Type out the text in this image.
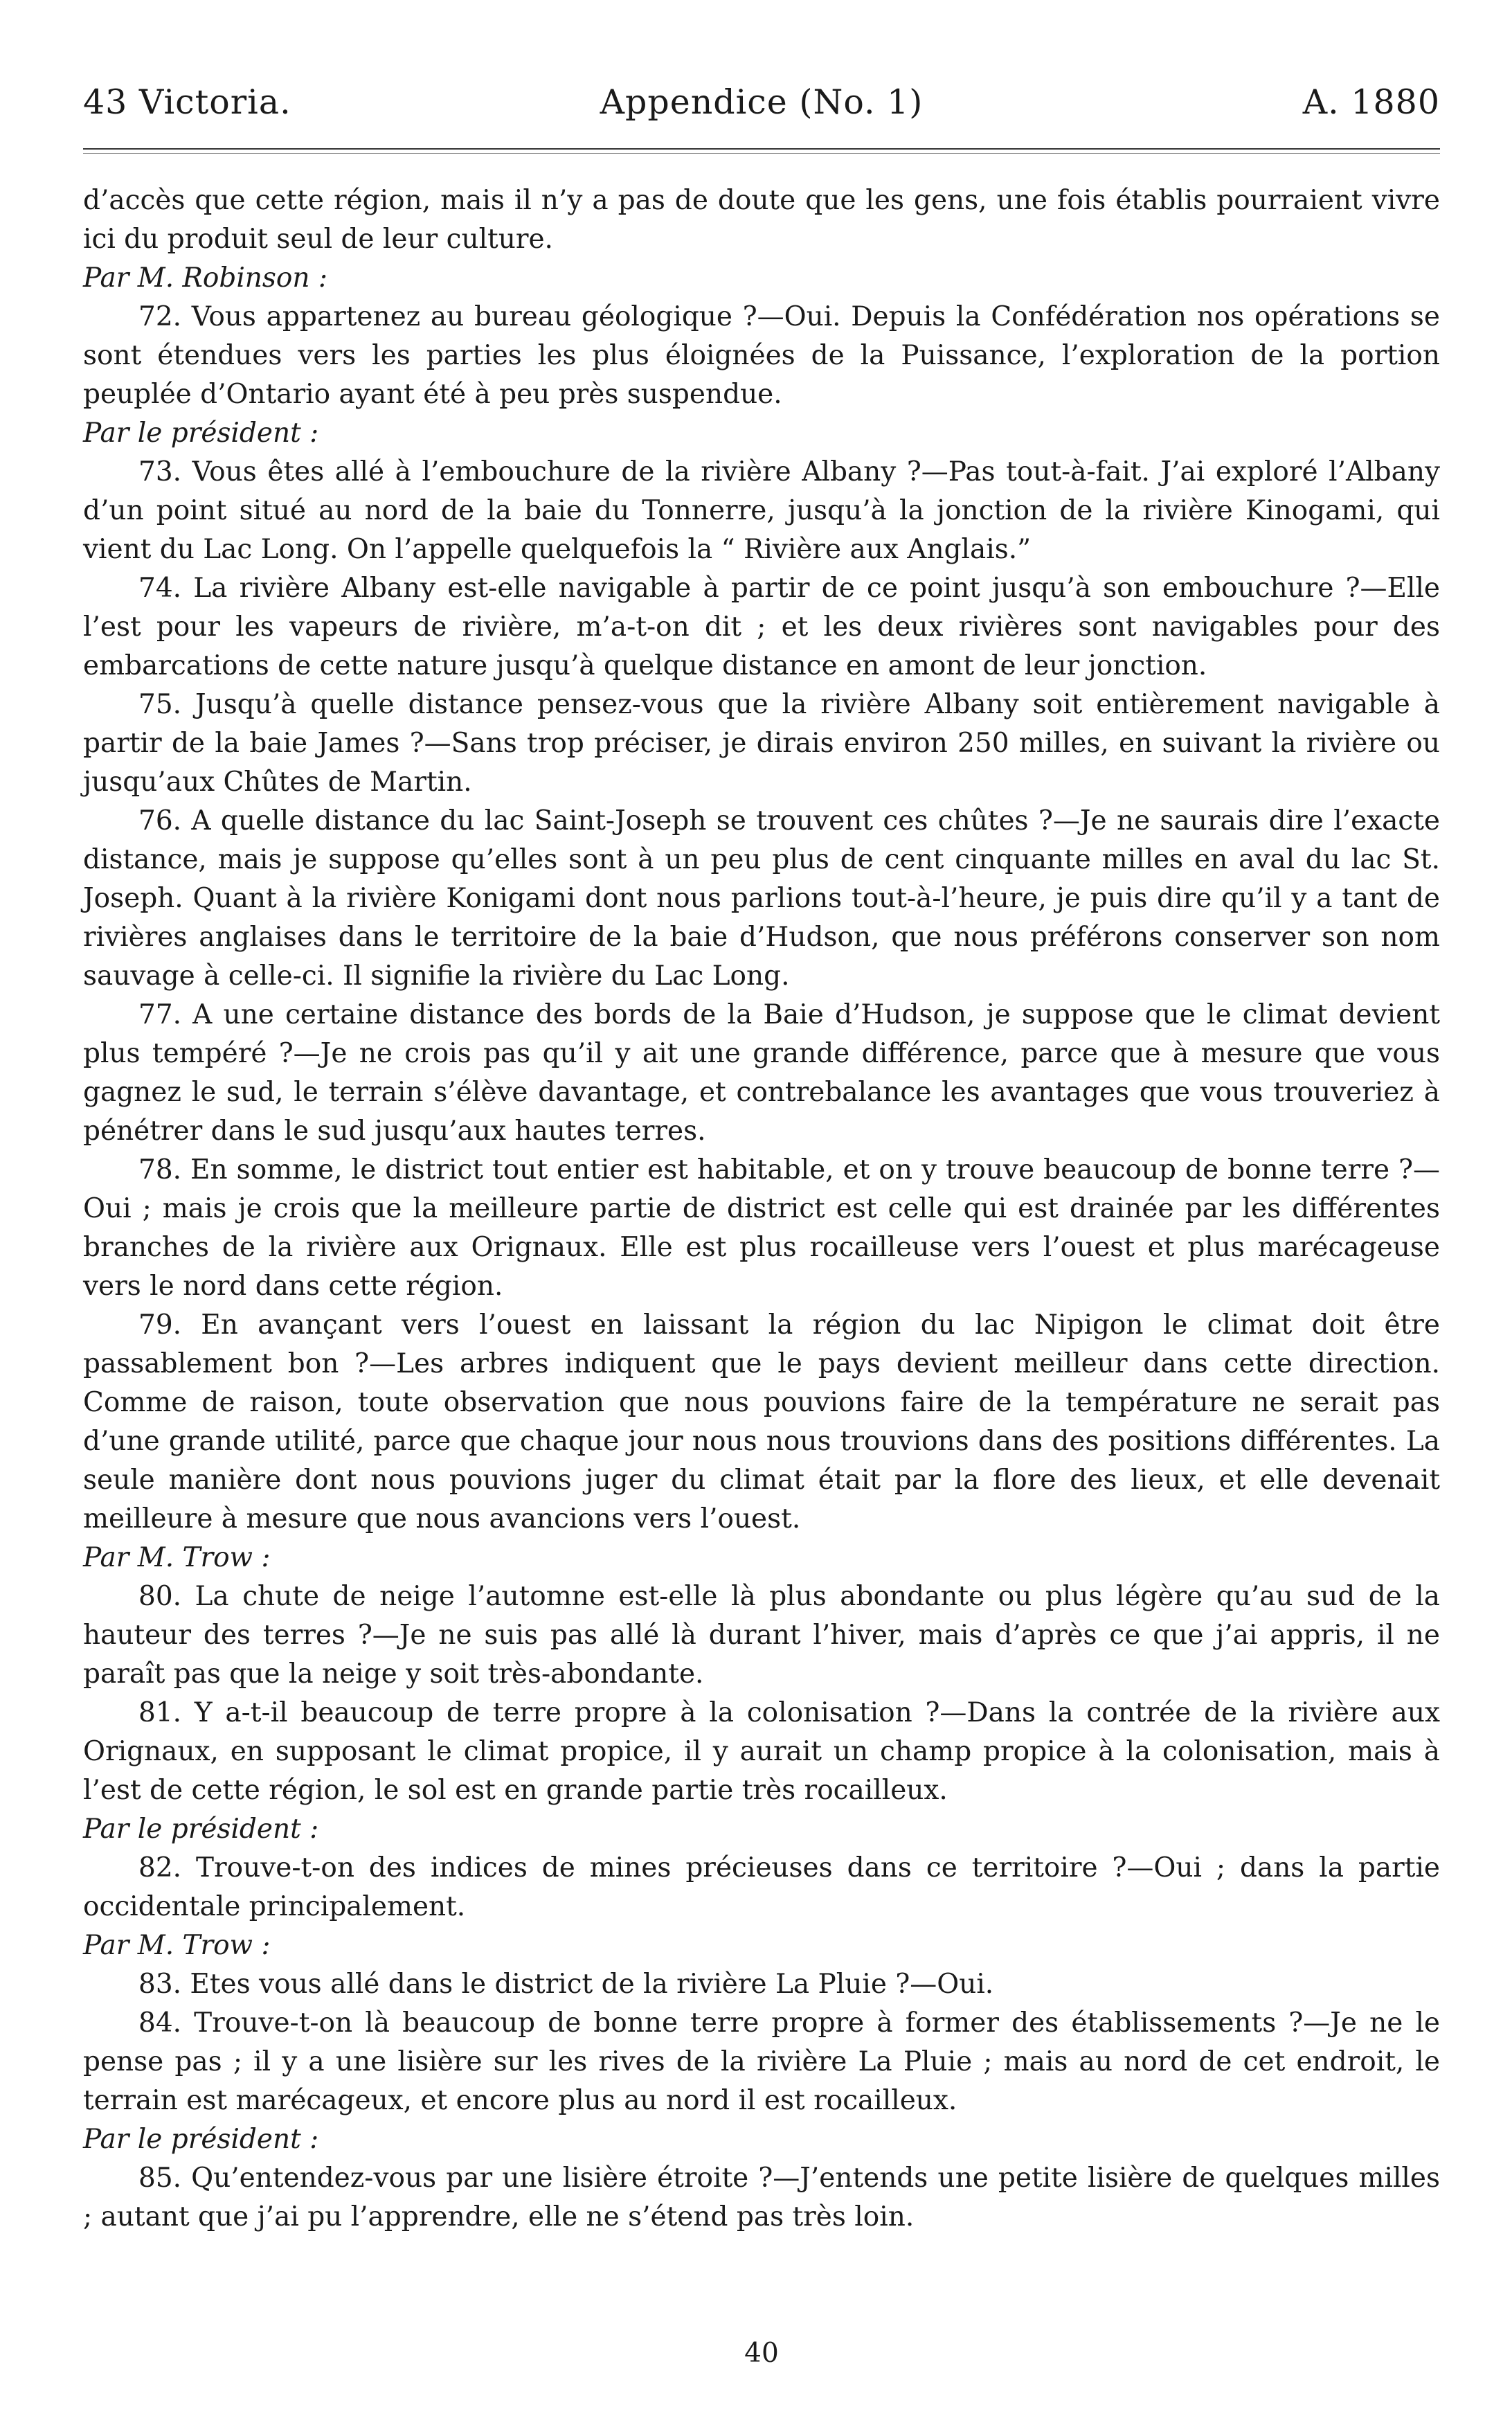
Appendice (No. 1)
43 Victoria.	A. 1880

d’accès que cette région, mais il n’y a pas de doute que les gens, une fois établis pourraient vivre ici du produit seul de leur culture.

Par M. Robinson :

72. Vous appartenez au bureau géologique ?—Oui. Depuis la Confédération nos opérations se sont étendues vers les parties les plus éloignées de la Puissance, l’exploration de la portion peuplée d’Ontario ayant été à peu près suspendue.

Par le président :

73. Vous êtes allé à l’embouchure de la rivière Albany ?—Pas tout-à-fait. J’ai exploré l’Albany d’un point situé au nord de la baie du Tonnerre, jusqu’à la jonction de la rivière Kinogami, qui vient du Lac Long. On l’appelle quelquefois la “ Rivière aux Anglais.”

74. La rivière Albany est-elle navigable à partir de ce point jusqu’à son embouchure ?—Elle l’est pour les vapeurs de rivière, m’a-t-on dit ; et les deux rivières sont navigables pour des embarcations de cette nature jusqu’à quelque distance en amont de leur jonction.

75. Jusqu’à quelle distance pensez-vous que la rivière Albany soit entièrement navigable à partir de la baie James ?—Sans trop préciser, je dirais environ 250 milles, en suivant la rivière ou jusqu’aux Chûtes de Martin.

76. A quelle distance du lac Saint-Joseph se trouvent ces chûtes ?—Je ne saurais dire l’exacte distance, mais je suppose qu’elles sont à un peu plus de cent cinquante milles en aval du lac St. Joseph. Quant à la rivière Konigami dont nous parlions tout-à-l’heure, je puis dire qu’il y a tant de rivières anglaises dans le territoire de la baie d’Hudson, que nous préférons conserver son nom sauvage à celle-ci. Il signifie la rivière du Lac Long.

77. A une certaine distance des bords de la Baie d’Hudson, je suppose que le climat devient plus tempéré ?—Je ne crois pas qu’il y ait une grande différence, parce que à mesure que vous gagnez le sud, le terrain s’élève davantage, et contrebalance les avantages que vous trouveriez à pénétrer dans le sud jusqu’aux hautes terres.

78. En somme, le district tout entier est habitable, et on y trouve beaucoup de bonne terre ?—Oui ; mais je crois que la meilleure partie de district est celle qui est drainée par les différentes branches de la rivière aux Orignaux. Elle est plus rocailleuse vers l’ouest et plus marécageuse vers le nord dans cette région.

79. En avançant vers l’ouest en laissant la région du lac Nipigon le climat doit être passablement bon ?—Les arbres indiquent que le pays devient meilleur dans cette direction. Comme de raison, toute observation que nous pouvions faire de la température ne serait pas d’une grande utilité, parce que chaque jour nous nous trouvions dans des positions différentes. La seule manière dont nous pouvions juger du climat était par la flore des lieux, et elle devenait meilleure à mesure que nous avancions vers l’ouest.

Par M. Trow :

80. La chute de neige l’automne est-elle là plus abondante ou plus légère qu’au sud de la hauteur des terres ?—Je ne suis pas allé là durant l’hiver, mais d’après ce que j’ai appris, il ne paraît pas que la neige y soit très-abondante.

81. Y a-t-il beaucoup de terre propre à la colonisation ?—Dans la contrée de la rivière aux Orignaux, en supposant le climat propice, il y aurait un champ propice à la colonisation, mais à l’est de cette région, le sol est en grande partie très rocailleux.

Par le président :

82. Trouve-t-on des indices de mines précieuses dans ce territoire ?—Oui ; dans la partie occidentale principalement.

Par M. Trow :

83. Etes vous allé dans le district de la rivière La Pluie ?—Oui.

84. Trouve-t-on là beaucoup de bonne terre propre à former des établissements ?—Je ne le pense pas ; il y a une lisière sur les rives de la rivière La Pluie ; mais au nord de cet endroit, le terrain est marécageux, et encore plus au nord il est rocailleux.

Par le président :

85. Qu’entendez-vous par une lisière étroite ?—J’entends une petite lisière de quelques milles ; autant que j’ai pu l’apprendre, elle ne s’étend pas très loin.

40
